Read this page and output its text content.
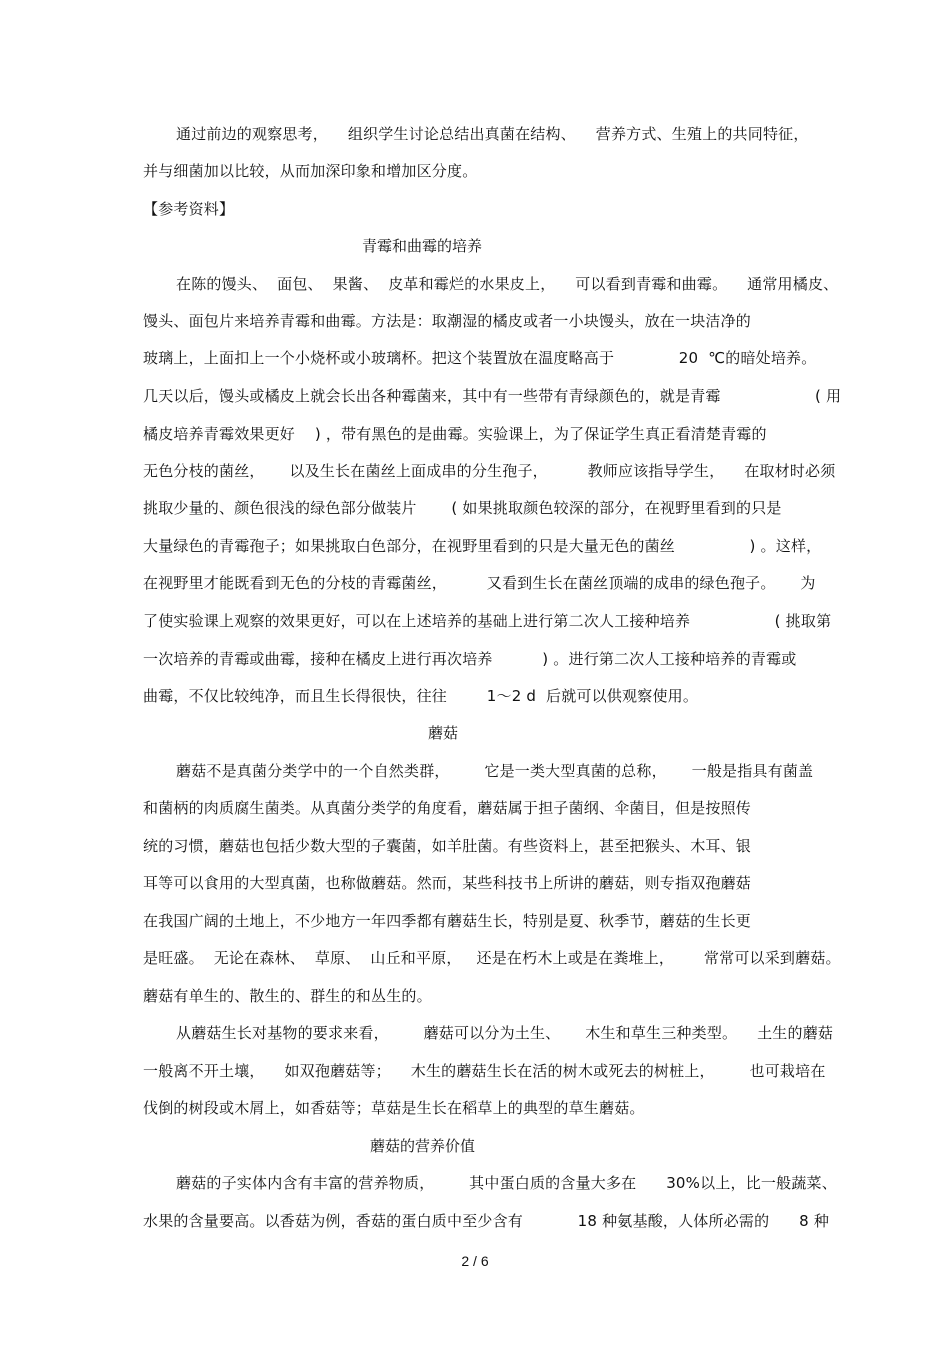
通过前边的观察思考，    组织学生讨论总结出真菌在结构、    营养方式、生殖上的共同特征，
并与细菌加以比较，从而加深印象和增加区分度。
【参考资料】
青霉和曲霉的培养
在陈的馒头、  面包、  果酱、  皮革和霉烂的水果皮上，    可以看到青霉和曲霉。    通常用橘皮、
馒头、面包片来培养青霉和曲霉。方法是：取潮湿的橘皮或者一小块馒头，放在一块洁净的
玻璃上，上面扣上一个小烧杯或小玻璃杯。把这个装置放在温度略高于             20  ℃的暗处培养。
几天以后，馒头或橘皮上就会长出各种霉菌来，其中有一些带有青绿颜色的，就是青霉                   ( 用
橘皮培养青霉效果更好    ) ，带有黑色的是曲霉。实验课上，为了保证学生真正看清楚青霉的
无色分枝的菌丝，     以及生长在菌丝上面成串的分生孢子，        教师应该指导学生，    在取材时必须
挑取少量的、颜色很浅的绿色部分做装片       ( 如果挑取颜色较深的部分，在视野里看到的只是
大量绿色的青霉孢子；如果挑取白色部分，在视野里看到的只是大量无色的菌丝               ) 。这样，
在视野里才能既看到无色的分枝的青霉菌丝，        又看到生长在菌丝顶端的成串的绿色孢子。     为
了使实验课上观察的效果更好，可以在上述培养的基础上进行第二次人工接种培养                 ( 挑取第
一次培养的青霉或曲霉，接种在橘皮上进行再次培养          ) 。进行第二次人工接种培养的青霉或
曲霉，不仅比较纯净，而且生长得很快，往往        1～2 d  后就可以供观察使用。
蘑菇
蘑菇不是真菌分类学中的一个自然类群，       它是一类大型真菌的总称，     一般是指具有菌盖
和菌柄的肉质腐生菌类。从真菌分类学的角度看，蘑菇属于担子菌纲、伞菌目，但是按照传
统的习惯，蘑菇也包括少数大型的子囊菌，如羊肚菌。有些资料上，甚至把猴头、木耳、银
耳等可以食用的大型真菌，也称做蘑菇。然而，某些科技书上所讲的蘑菇，则专指双孢蘑菇
在我国广阔的土地上，不少地方一年四季都有蘑菇生长，特别是夏、秋季节，蘑菇的生长更
是旺盛。  无论在森林、  草原、  山丘和平原，   还是在朽木上或是在粪堆上，      常常可以采到蘑菇。
蘑菇有单生的、散生的、群生的和丛生的。
从蘑菇生长对基物的要求来看，       蘑菇可以分为土生、     木生和草生三种类型。    土生的蘑菇
一般离不开土壤，    如双孢蘑菇等；    木生的蘑菇生长在活的树木或死去的树桩上，       也可栽培在
伐倒的树段或木屑上，如香菇等；草菇是生长在稻草上的典型的草生蘑菇。
蘑菇的营养价值
蘑菇的子实体内含有丰富的营养物质，       其中蛋白质的含量大多在      30%以上，比一般蔬菜、
水果的含量要高。以香菇为例，香菇的蛋白质中至少含有           18 种氨基酸，人体所必需的      8 种
2 / 6
